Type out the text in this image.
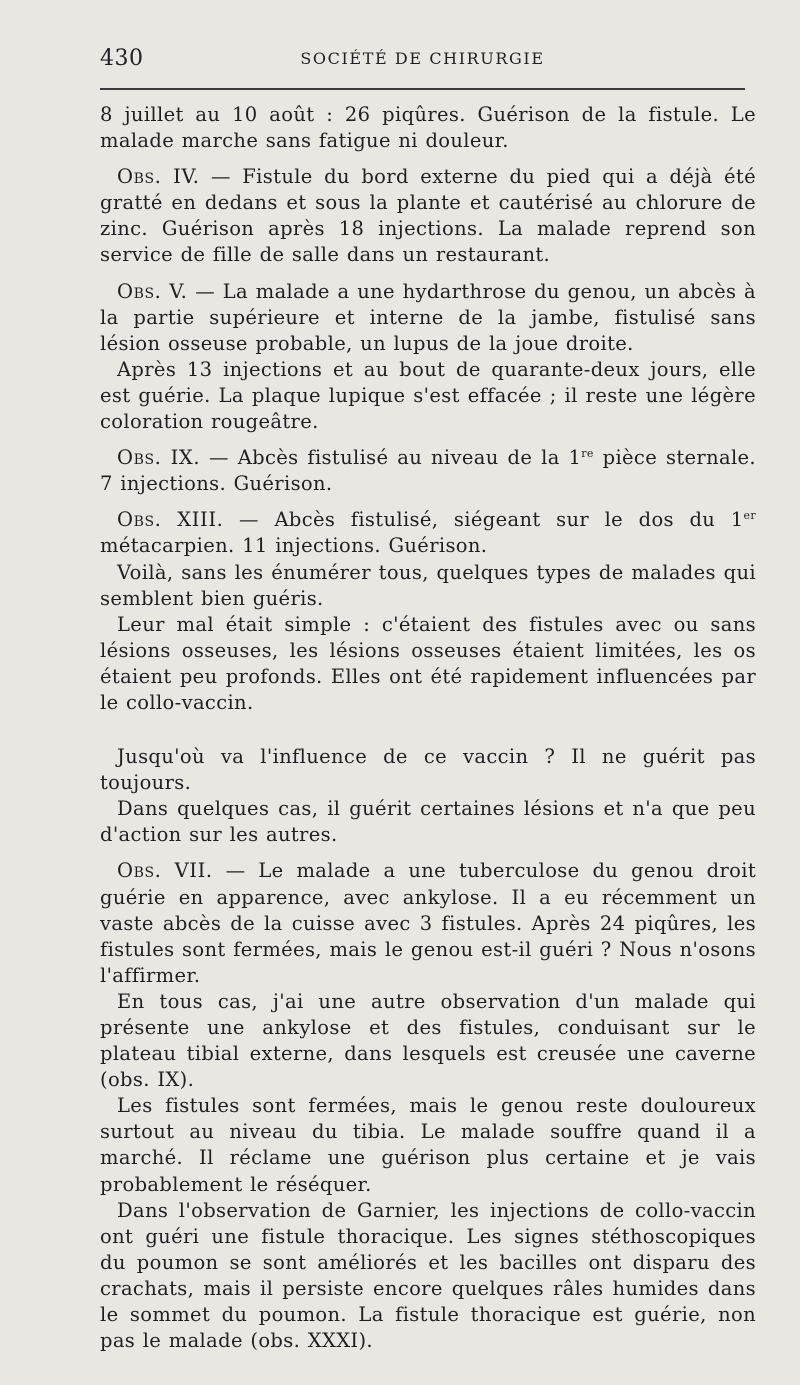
430	SOCIÉTÉ DE CHIRURGIE

8 juillet au 10 août : 26 piqûres. Guérison de la fistule. Le malade marche sans fatigue ni douleur.

Obs. IV. — Fistule du bord externe du pied qui a déjà été gratté en dedans et sous la plante et cautérisé au chlorure de zinc. Guérison après 18 injections. La malade reprend son service de fille de salle dans un restaurant.

Obs. V. — La malade a une hydarthrose du genou, un abcès à la partie supérieure et interne de la jambe, fistulisé sans lésion osseuse probable, un lupus de la joue droite.

Après 13 injections et au bout de quarante-deux jours, elle est guérie. La plaque lupique s'est effacée ; il reste une légère coloration rougeâtre.

Obs. IX. — Abcès fistulisé au niveau de la 1re pièce sternale. 7 injections. Guérison.

Obs. XIII. — Abcès fistulisé, siégeant sur le dos du 1er métacarpien. 11 injections. Guérison.

Voilà, sans les énumérer tous, quelques types de malades qui semblent bien guéris.

Leur mal était simple : c'étaient des fistules avec ou sans lésions osseuses, les lésions osseuses étaient limitées, les os étaient peu profonds. Elles ont été rapidement influencées par le collo-vaccin.

Jusqu'où va l'influence de ce vaccin ? Il ne guérit pas toujours.

Dans quelques cas, il guérit certaines lésions et n'a que peu d'action sur les autres.

Obs. VII. — Le malade a une tuberculose du genou droit guérie en apparence, avec ankylose. Il a eu récemment un vaste abcès de la cuisse avec 3 fistules. Après 24 piqûres, les fistules sont fermées, mais le genou est-il guéri ? Nous n'osons l'affirmer.

En tous cas, j'ai une autre observation d'un malade qui présente une ankylose et des fistules, conduisant sur le plateau tibial externe, dans lesquels est creusée une caverne (obs. IX).

Les fistules sont fermées, mais le genou reste douloureux surtout au niveau du tibia. Le malade souffre quand il a marché. Il réclame une guérison plus certaine et je vais probablement le réséquer.

Dans l'observation de Garnier, les injections de collo-vaccin ont guéri une fistule thoracique. Les signes stéthoscopiques du poumon se sont améliorés et les bacilles ont disparu des crachats, mais il persiste encore quelques râles humides dans le sommet du poumon. La fistule thoracique est guérie, non pas le malade (obs. XXXI).
